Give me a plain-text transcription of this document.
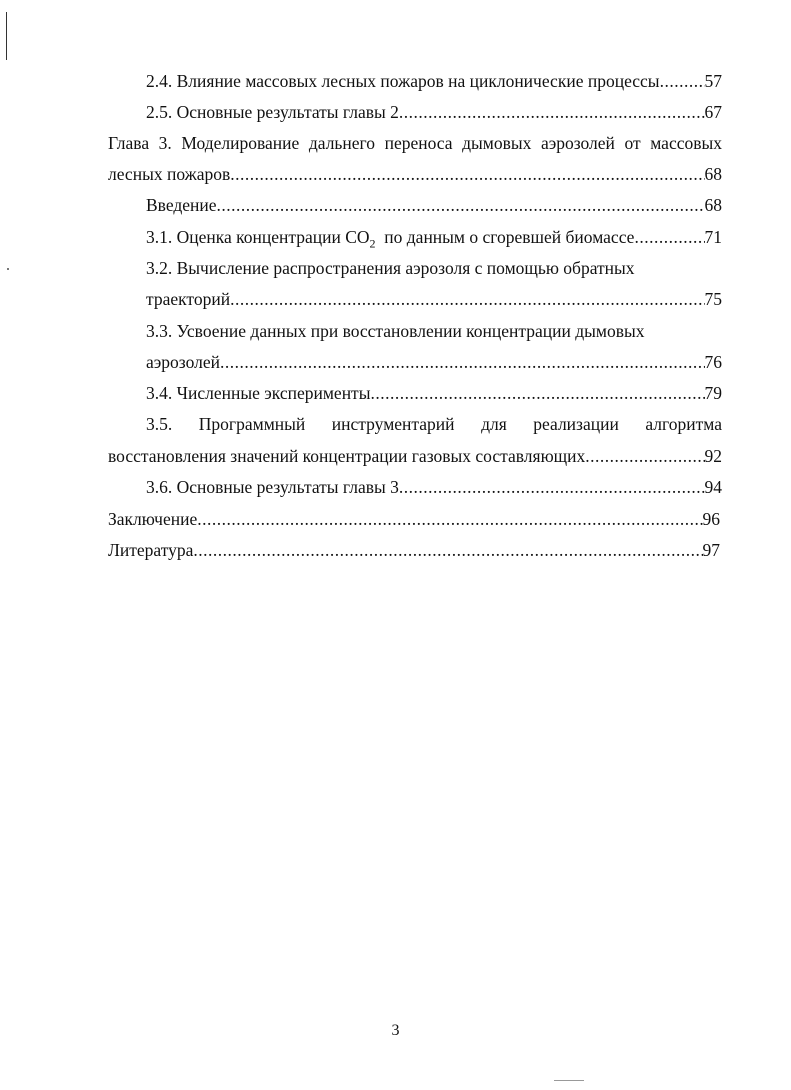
2.4. Влияние массовых лесных пожаров на циклонические процессы .....	57
2.5. Основные результаты главы 2 .....	67
Глава 3. Моделирование дальнего переноса дымовых аэрозолей от массовых
лесных пожаров .....	68
Введение .....	68
3.1. Оценка концентрации $СО_2$  по данным о сгоревшей биомассе .....	71
3.2. Вычисление распространения аэрозоля с помощью обратных
траекторий .....	75
3.3. Усвоение данных при восстановлении концентрации дымовых
аэрозолей .....	76
3.4. Численные эксперименты .....	79
3.5. Программный инструментарий для реализации алгоритма
восстановления значений концентрации газовых составляющих .....	92
3.6. Основные результаты главы 3 .....	94
Заключение .....	96
Литература .....	97
3
